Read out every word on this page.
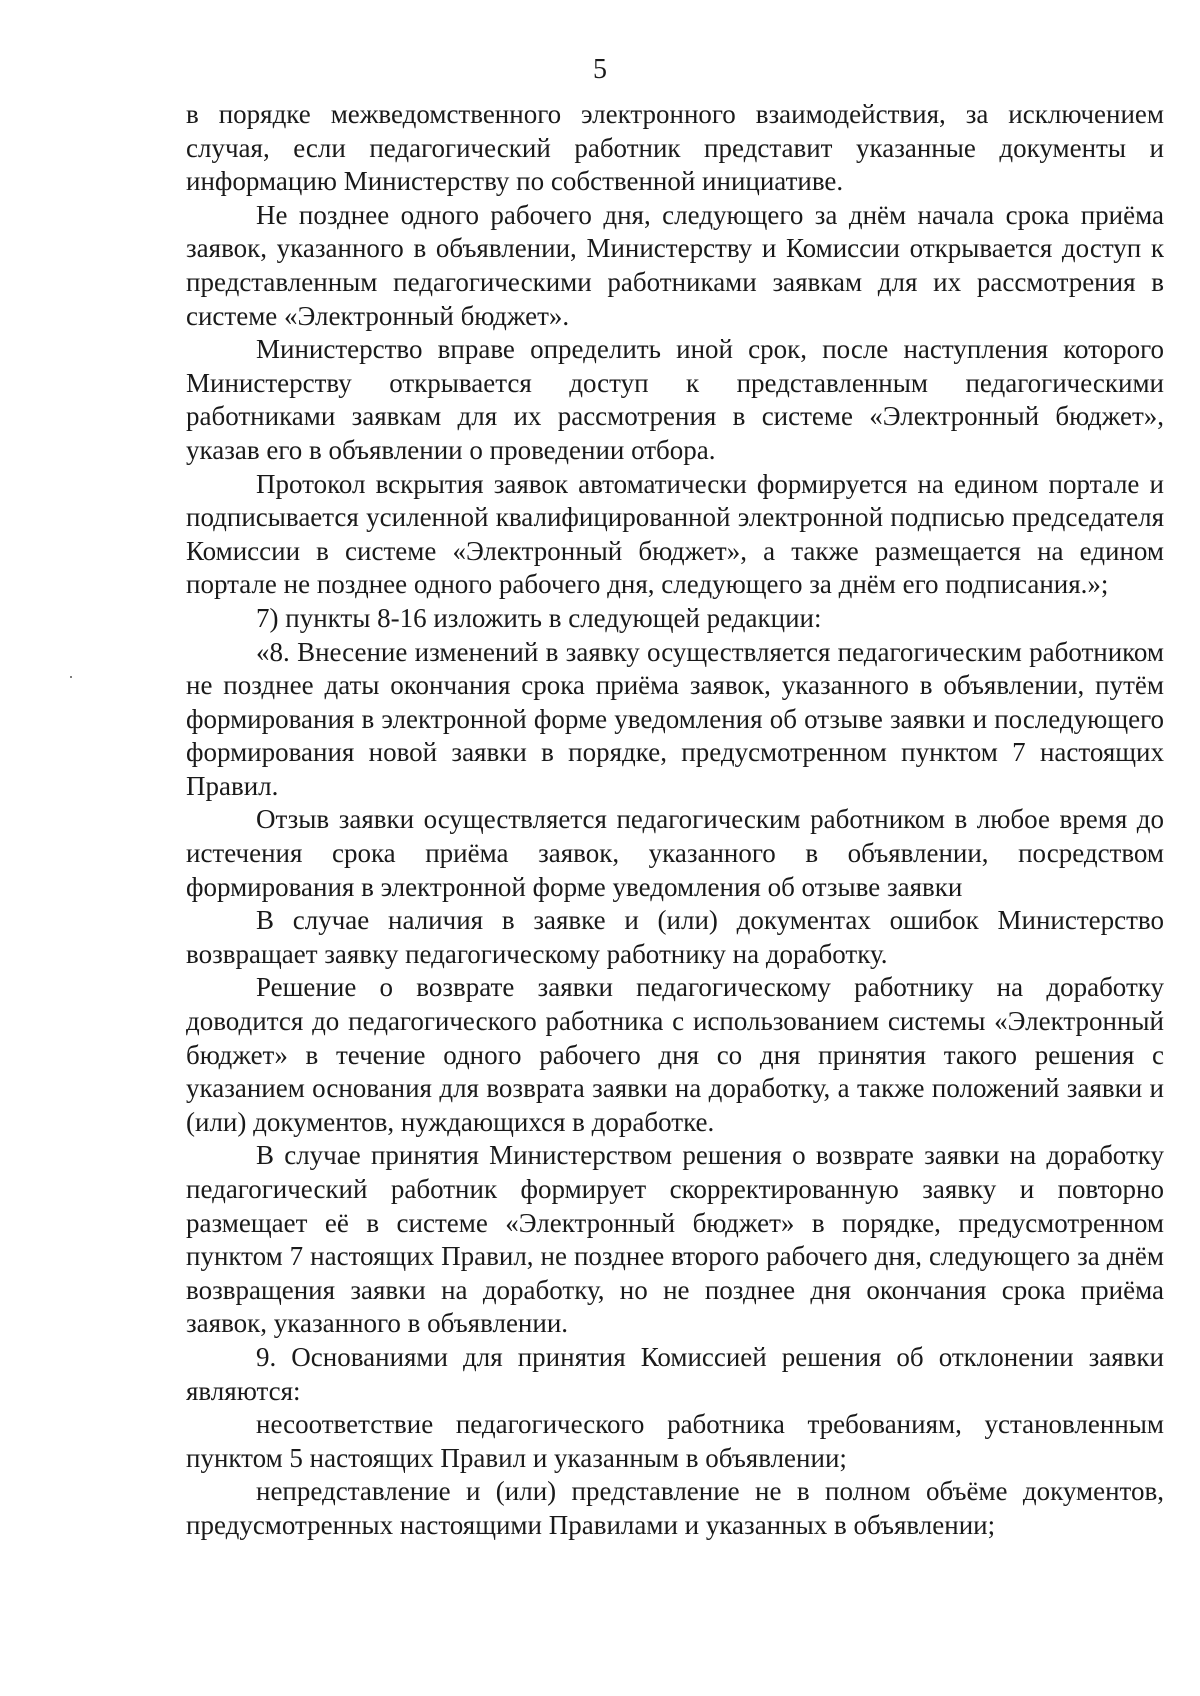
5

в порядке межведомственного электронного взаимодействия, за исключением случая, если педагогический работник представит указанные документы и информацию Министерству по собственной инициативе.

Не позднее одного рабочего дня, следующего за днём начала срока приёма заявок, указанного в объявлении, Министерству и Комиссии открывается доступ к представленным педагогическими работниками заявкам для их рассмотрения в системе «Электронный бюджет».

Министерство вправе определить иной срок, после наступления которого Министерству открывается доступ к представленным педагогическими работниками заявкам для их рассмотрения в системе «Электронный бюджет», указав его в объявлении о проведении отбора.

Протокол вскрытия заявок автоматически формируется на едином портале и подписывается усиленной квалифицированной электронной подписью председателя Комиссии в системе «Электронный бюджет», а также размещается на едином портале не позднее одного рабочего дня, следующего за днём его подписания.»;

7) пункты 8-16 изложить в следующей редакции:

«8. Внесение изменений в заявку осуществляется педагогическим работником не позднее даты окончания срока приёма заявок, указанного в объявлении, путём формирования в электронной форме уведомления об отзыве заявки и последующего формирования новой заявки в порядке, предусмотренном пунктом 7 настоящих Правил.

Отзыв заявки осуществляется педагогическим работником в любое время до истечения срока приёма заявок, указанного в объявлении, посредством формирования в электронной форме уведомления об отзыве заявки

В случае наличия в заявке и (или) документах ошибок Министерство возвращает заявку педагогическому работнику на доработку.

Решение о возврате заявки педагогическому работнику на доработку доводится до педагогического работника с использованием системы «Электронный бюджет» в течение одного рабочего дня со дня принятия такого решения с указанием основания для возврата заявки на доработку, а также положений заявки и (или) документов, нуждающихся в доработке.

В случае принятия Министерством решения о возврате заявки на доработку педагогический работник формирует скорректированную заявку и повторно размещает её в системе «Электронный бюджет» в порядке, предусмотренном пунктом 7 настоящих Правил, не позднее второго рабочего дня, следующего за днём возвращения заявки на доработку, но не позднее дня окончания срока приёма заявок, указанного в объявлении.

9. Основаниями для принятия Комиссией решения об отклонении заявки являются:

несоответствие педагогического работника требованиям, установленным пунктом 5 настоящих Правил и указанным в объявлении;

непредставление и (или) представление не в полном объёме документов, предусмотренных настоящими Правилами и указанных в объявлении;
